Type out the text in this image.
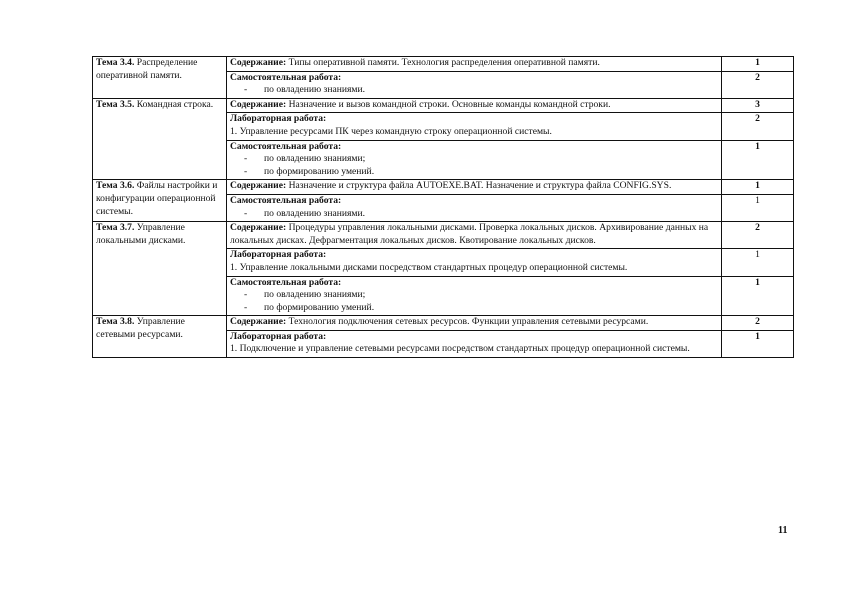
Тема 3.4. Распределение оперативной памяти.	Содержание: Типы оперативной памяти. Технология распределения оперативной памяти.	1

	Самостоятельная работа:
- по овладению знаниями.	2
Тема 3.5. Командная строка.	Содержание: Назначение и вызов командной строки. Основные команды командной строки.	3

	Лабораторная работа:
1. Управление ресурсами ПК через командную строку операционной системы.	2

	Самостоятельная работа:
- по овладению знаниями;
- по формированию умений.	1
Тема 3.6. Файлы настройки и конфигурации операционной системы.	Содержание: Назначение и структура файла AUTOEXE.BAT. Назначение и структура файла CONFIG.SYS.	1

	Самостоятельная работа:
- по овладению знаниями.	1
Тема 3.7. Управление локальными дисками.	Содержание: Процедуры управления локальными дисками. Проверка локальных дисков. Архивирование данных на локальных дисках. Дефрагментация локальных дисков. Квотирование локальных дисков.	2

	Лабораторная работа:
1. Управление локальными дисками посредством стандартных процедур операционной системы.	1

	Самостоятельная работа:
- по овладению знаниями;
- по формированию умений.	1
Тема 3.8. Управление сетевыми ресурсами.	Содержание: Технология подключения сетевых ресурсов. Функции управления сетевыми ресурсами.	2

	Лабораторная работа:
1. Подключение и управление сетевыми ресурсами посредством стандартных процедур операционной системы.	1
11
